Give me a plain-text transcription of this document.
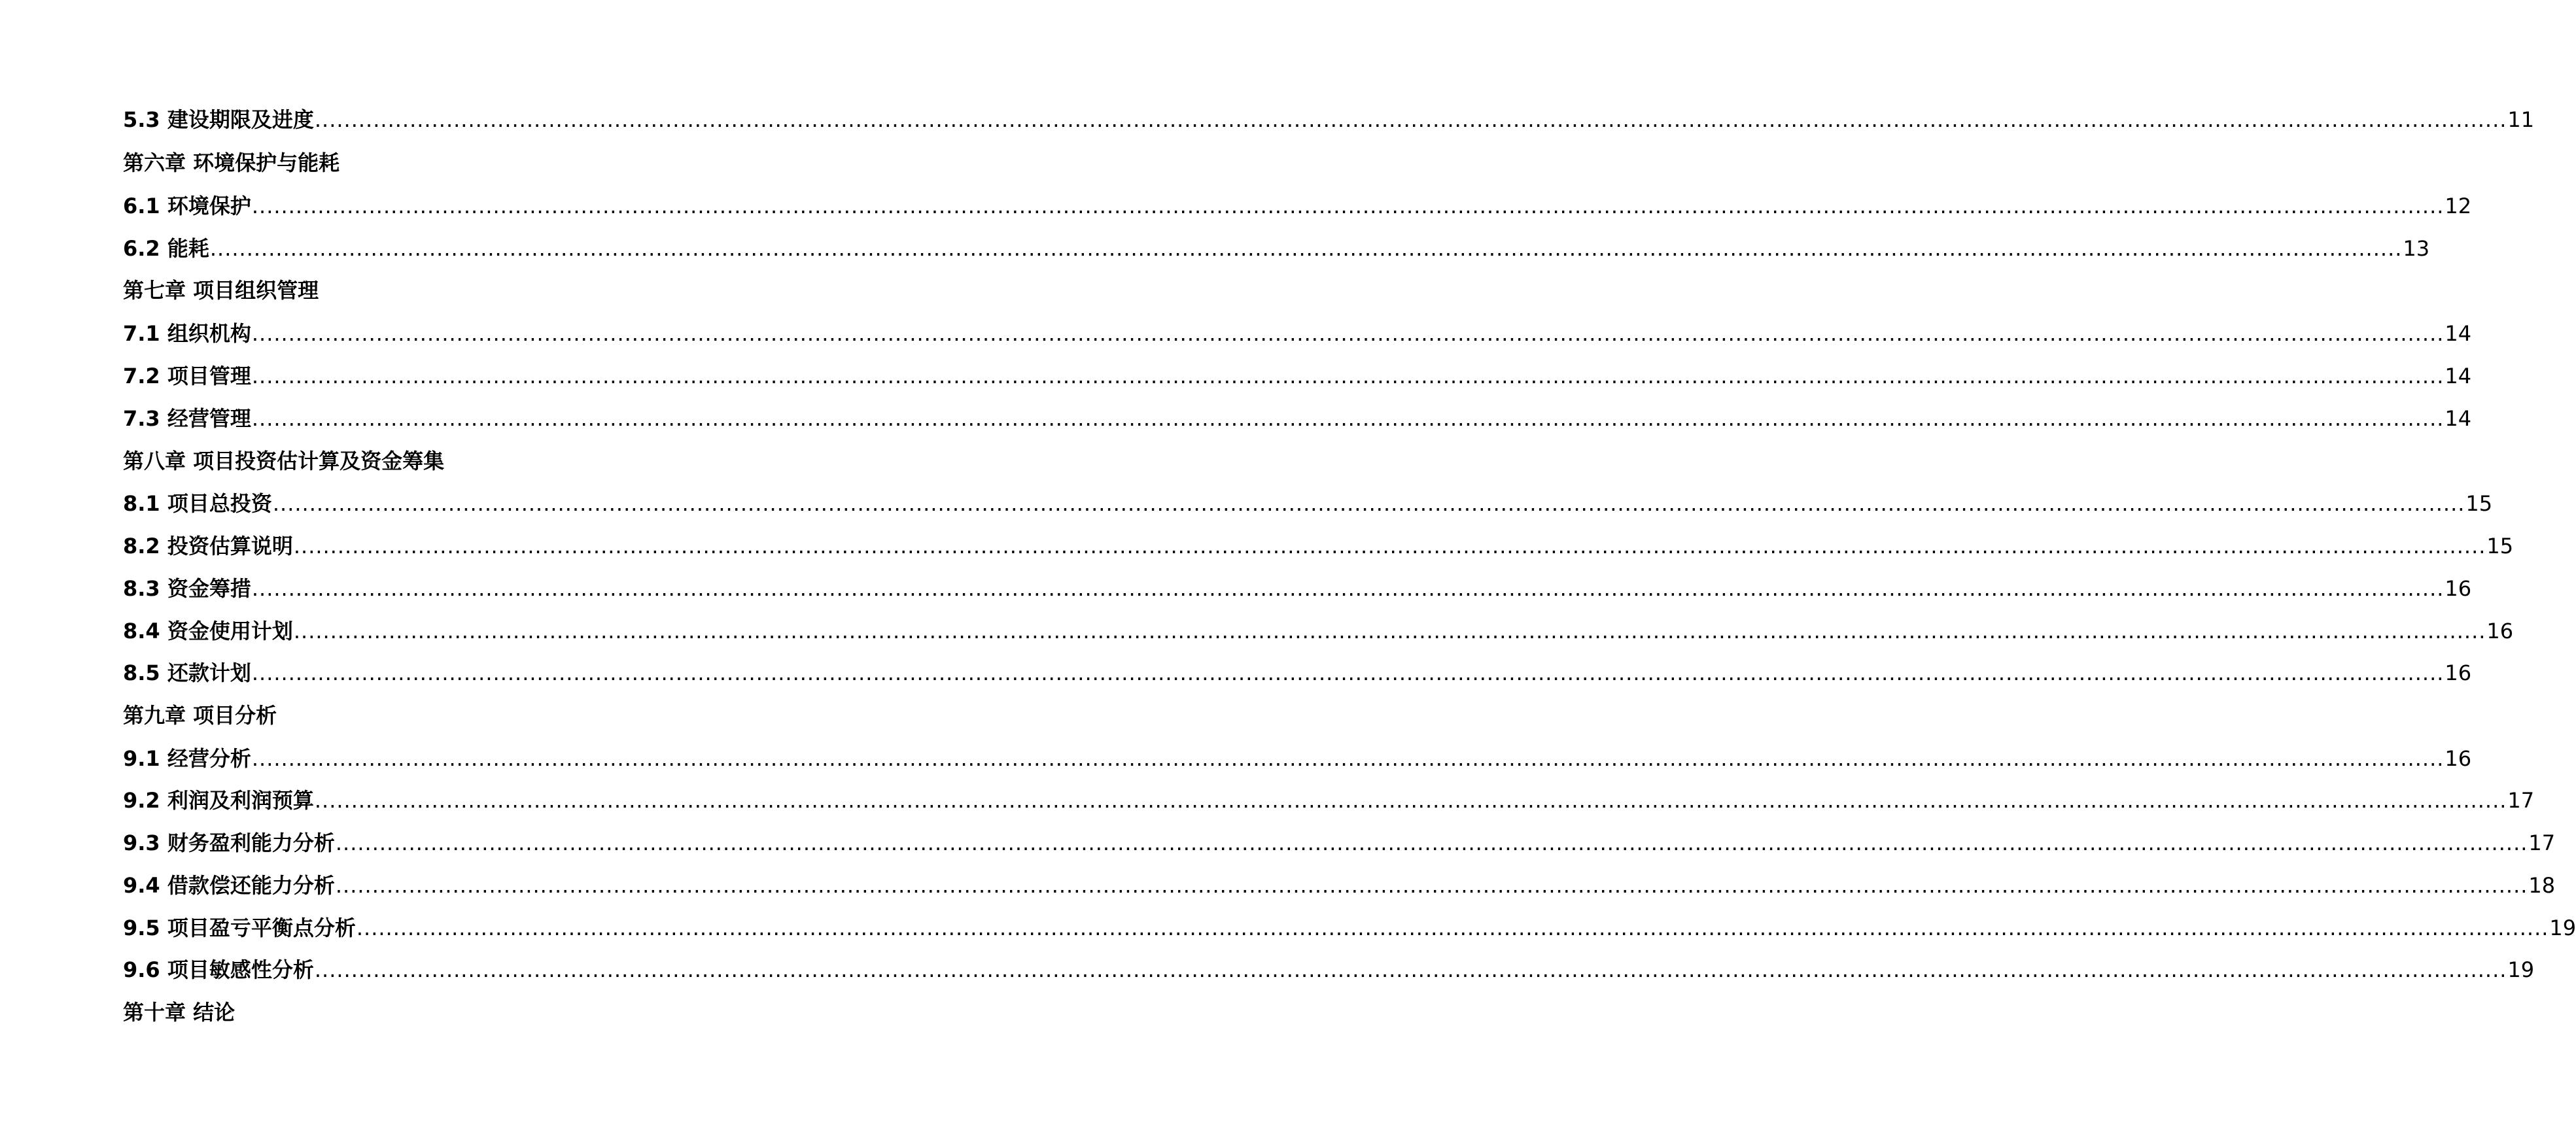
5.3 建设期限及进度 ............................................................................................................................................................................................................................................................................................................ 11
第六章 环境保护与能耗
6.1 环境保护 ............................................................................................................................................................................................................................................................................................................ 12
6.2 能耗 ............................................................................................................................................................................................................................................................................................................ 13
第七章 项目组织管理
7.1 组织机构 ............................................................................................................................................................................................................................................................................................................ 14
7.2 项目管理 ............................................................................................................................................................................................................................................................................................................ 14
7.3 经营管理 ............................................................................................................................................................................................................................................................................................................ 14
第八章 项目投资估计算及资金筹集
8.1 项目总投资 ............................................................................................................................................................................................................................................................................................................ 15
8.2 投资估算说明 ............................................................................................................................................................................................................................................................................................................ 15
8.3 资金筹措 ............................................................................................................................................................................................................................................................................................................ 16
8.4 资金使用计划 ............................................................................................................................................................................................................................................................................................................ 16
8.5 还款计划 ............................................................................................................................................................................................................................................................................................................ 16
第九章 项目分析
9.1 经营分析 ............................................................................................................................................................................................................................................................................................................ 16
9.2 利润及利润预算 ............................................................................................................................................................................................................................................................................................................ 17
9.3 财务盈利能力分析 ............................................................................................................................................................................................................................................................................................................ 17
9.4 借款偿还能力分析 ............................................................................................................................................................................................................................................................................................................ 18
9.5 项目盈亏平衡点分析 ............................................................................................................................................................................................................................................................................................................ 19
9.6 项目敏感性分析 ............................................................................................................................................................................................................................................................................................................ 19
第十章 结论
